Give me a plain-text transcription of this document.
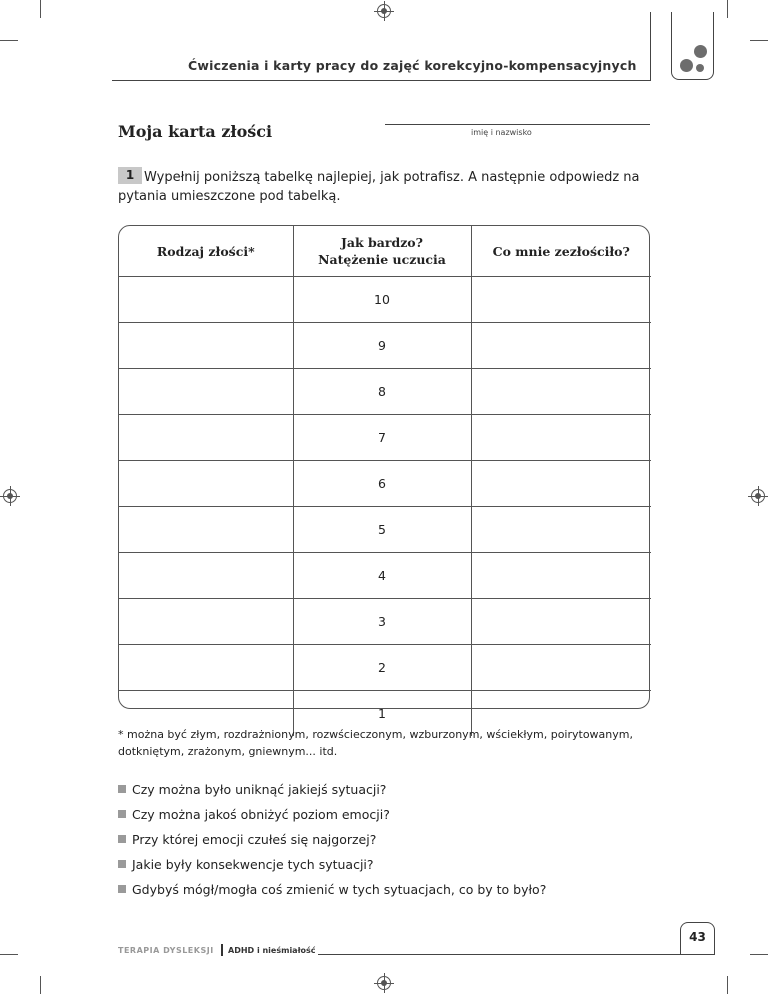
Ćwiczenia i karty pracy do zajęć korekcyjno-kompensacyjnych
Moja karta złości	imię i nazwisko
1 Wypełnij poniższą tabelkę najlepiej, jak potrafisz. A następnie odpowiedz na pytania umieszczone pod tabelką.
Rodzaj złości*	Jak bardzo? Natężenie uczucia	Co mnie zezłościło?
	10	
	9	
	8	
	7	
	6	
	5	
	4	
	3	
	2	
	1	
* można być złym, rozdrażnionym, rozwścieczonym, wzburzonym, wściekłym, poirytowanym, dotkniętym, zrażonym, gniewnym... itd.
Czy można było uniknąć jakiejś sytuacji?
Czy można jakoś obniżyć poziom emocji?
Przy której emocji czułeś się najgorzej?
Jakie były konsekwencje tych sytuacji?
Gdybyś mógł/mogła coś zmienić w tych sytuacjach, co by to było?
43
TERAPIA DYSLEKSJI ADHD i nieśmiałość
